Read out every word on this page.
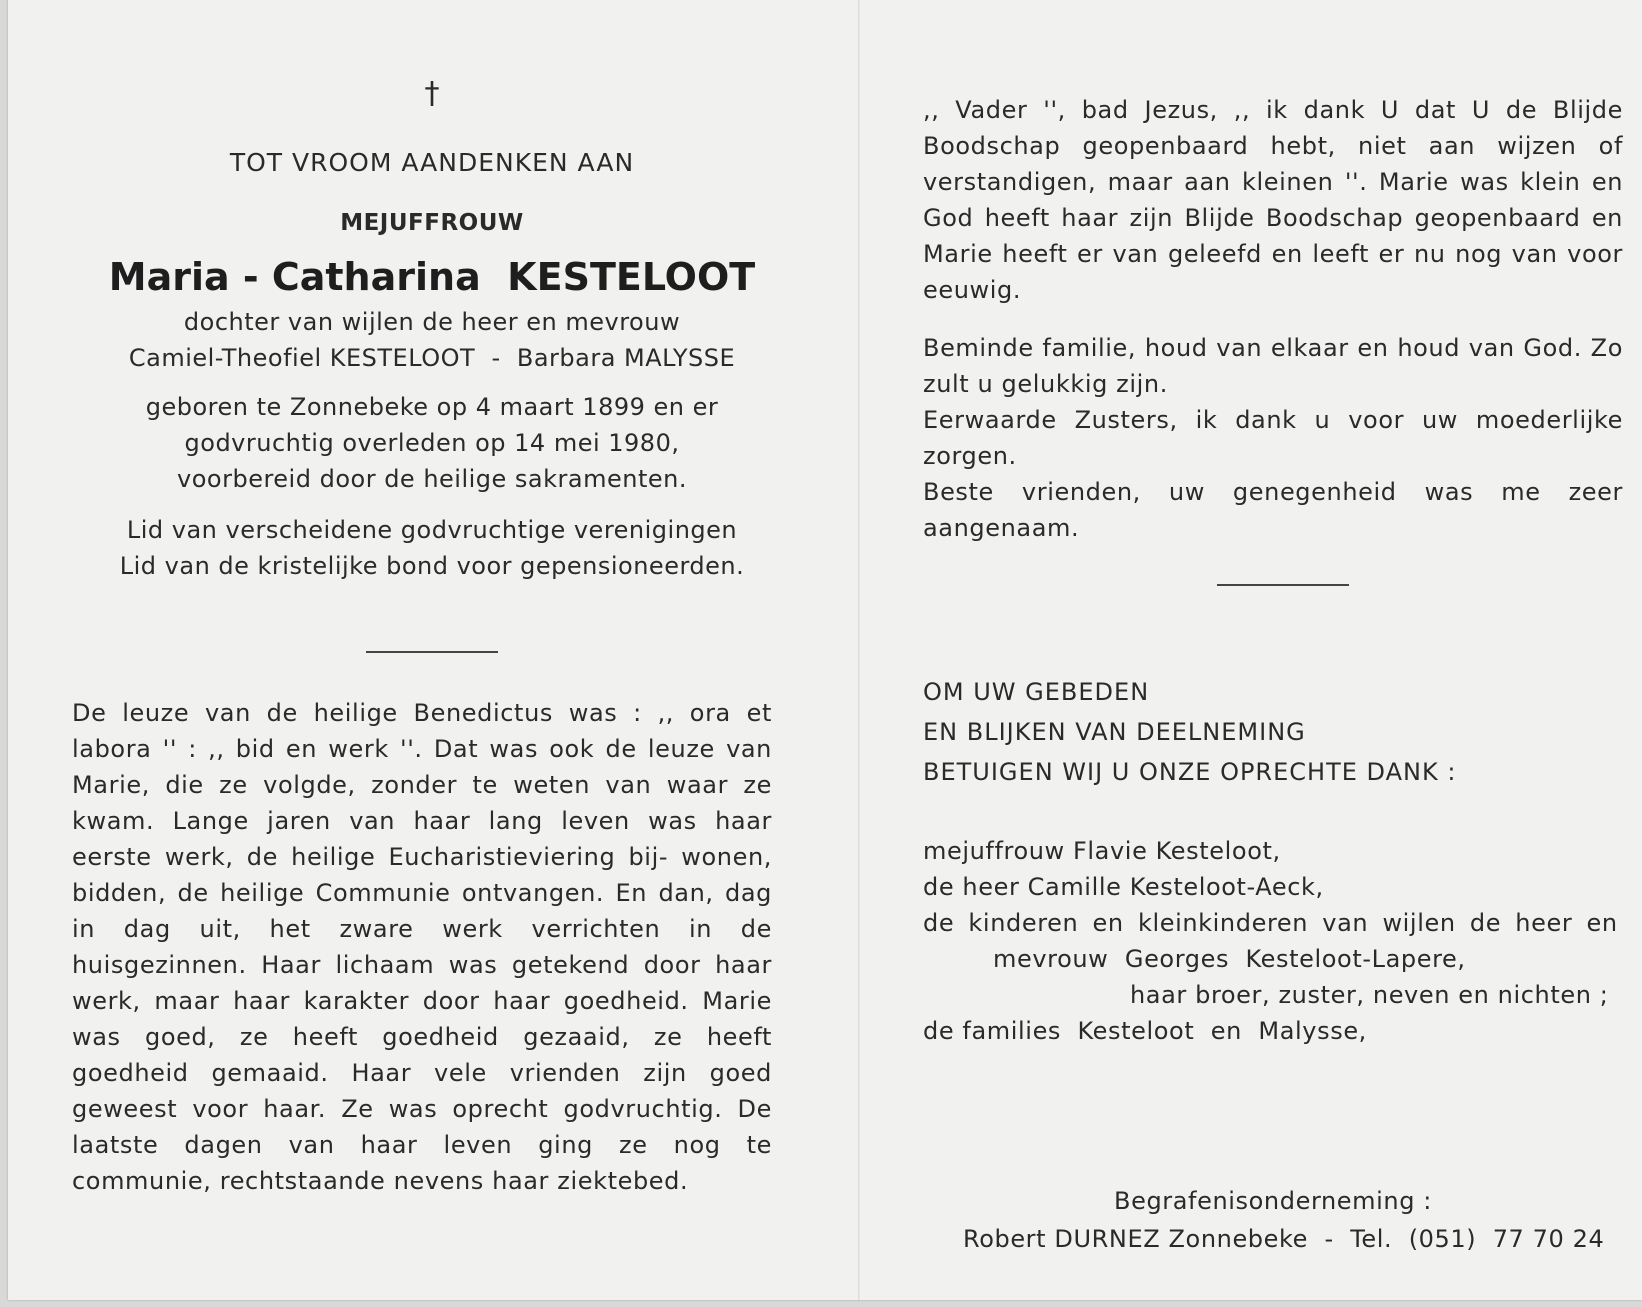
†
TOT VROOM AANDENKEN AAN
MEJUFFROUW
Maria - Catharina  KESTELOOT
dochter van wijlen de heer en mevrouw
Camiel-Theofiel KESTELOOT  -  Barbara MALYSSE
geboren te Zonnebeke op 4 maart 1899 en er
godvruchtig overleden op 14 mei 1980,
voorbereid door de heilige sakramenten.
Lid van verscheidene godvruchtige verenigingen
Lid van de kristelijke bond voor gepensioneerden.

De leuze van de heilige Benedictus was : ,, ora et labora '' : ,, bid en werk ''. Dat was ook de leuze van Marie, die ze volgde, zonder te weten van waar ze kwam. Lange jaren van haar lang leven was haar eerste werk, de heilige Eucharistieviering bij- wonen, bidden, de heilige Communie ontvangen. En dan, dag in dag uit, het zware werk verrichten in de huisgezinnen. Haar lichaam was getekend door haar werk, maar haar karakter door haar goedheid. Marie was goed, ze heeft goedheid gezaaid, ze heeft goedheid gemaaid. Haar vele vrienden zijn goed geweest voor haar. Ze was oprecht godvruchtig. De laatste dagen van haar leven ging ze nog te communie, rechtstaande nevens haar ziektebed.

,, Vader '', bad Jezus, ,, ik dank U dat U de Blijde Boodschap geopenbaard hebt, niet aan wijzen of verstandigen, maar aan kleinen ''. Marie was klein en God heeft haar zijn Blijde Boodschap geopenbaard en Marie heeft er van geleefd en leeft er nu nog van voor eeuwig.

Beminde familie, houd van elkaar en houd van God. Zo zult u gelukkig zijn.

Eerwaarde Zusters, ik dank u voor uw moederlijke zorgen.

Beste vrienden, uw genegenheid was me zeer aangenaam.

OM UW GEBEDEN
EN BLIJKEN VAN DEELNEMING
BETUIGEN WIJ U ONZE OPRECHTE DANK :
mejuffrouw Flavie Kesteloot,
de heer Camille Kesteloot-Aeck,
de kinderen en kleinkinderen van wijlen de heer en
mevrouw  Georges  Kesteloot-Lapere,
haar broer, zuster, neven en nichten ;
de families  Kesteloot  en  Malysse,
Begrafenisonderneming :
Robert DURNEZ Zonnebeke  -  Tel.  (051)  77 70 24
